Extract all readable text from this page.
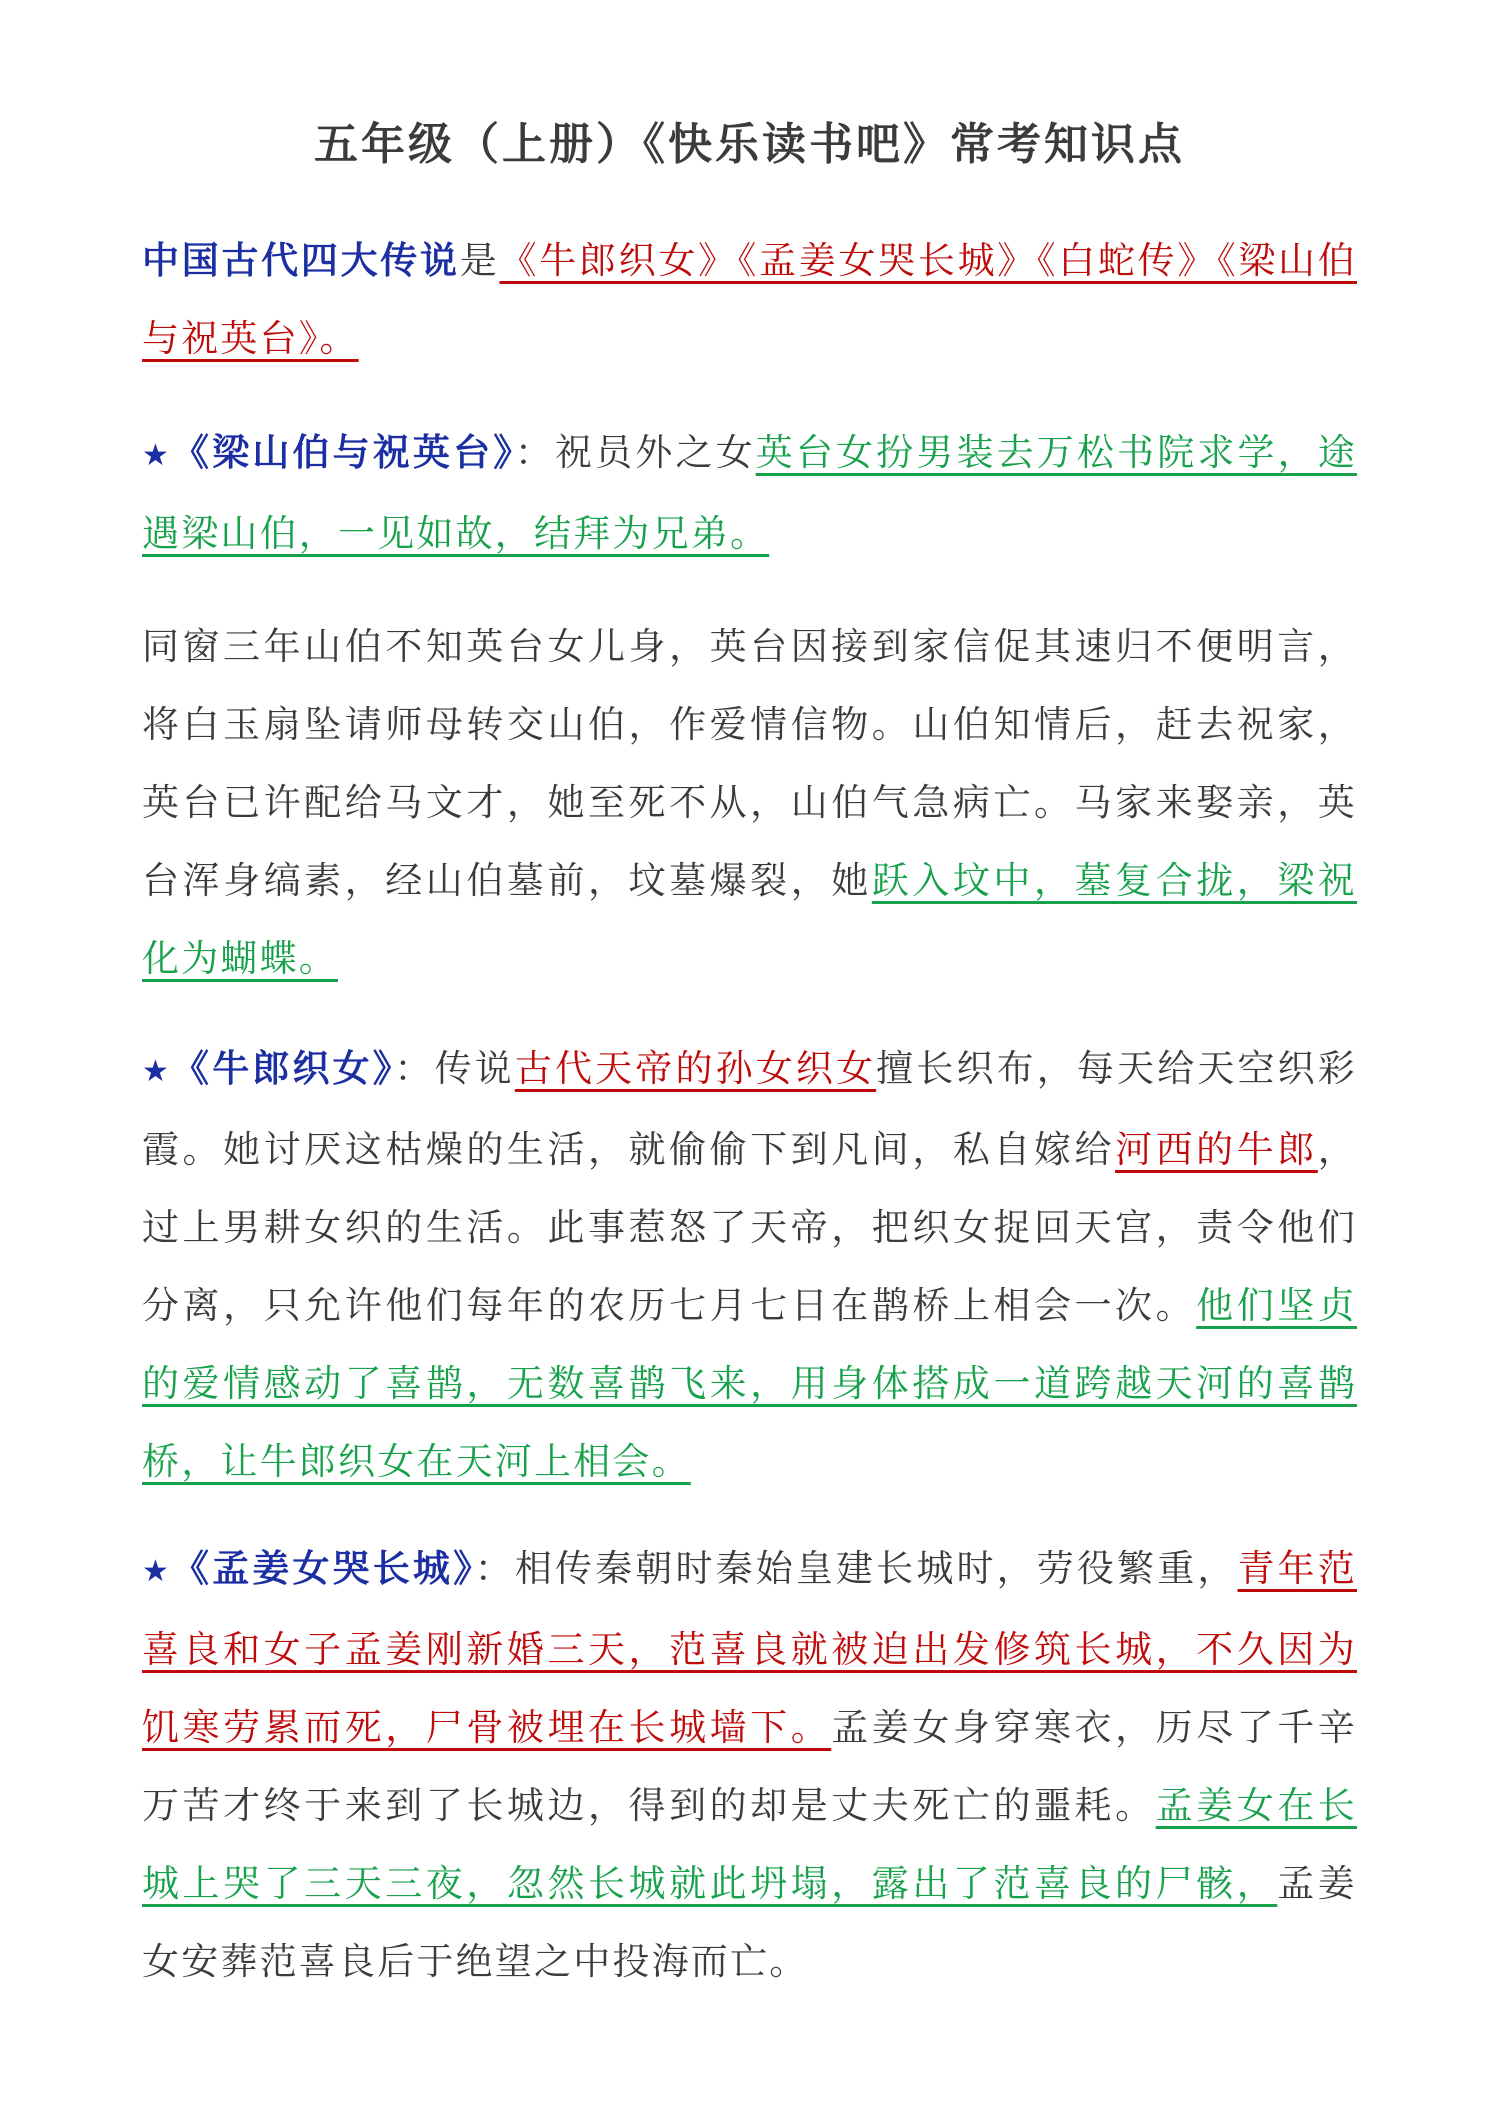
五年级（上册）《快乐读书吧》常考知识点
中国古代四大传说是《牛郎织女》《孟姜女哭长城》《白蛇传》《梁山伯与祝英台》。
★《梁山伯与祝英台》：祝员外之女英台女扮男装去万松书院求学，途遇梁山伯，一见如故，结拜为兄弟。
同窗三年山伯不知英台女儿身，英台因接到家信促其速归不便明言，将白玉扇坠请师母转交山伯，作爱情信物。山伯知情后，赶去祝家，英台已许配给马文才，她至死不从，山伯气急病亡。马家来娶亲，英台浑身缟素，经山伯墓前，坟墓爆裂，她跃入坟中，墓复合拢，梁祝化为蝴蝶。
★《牛郎织女》：传说古代天帝的孙女织女擅长织布，每天给天空织彩霞。她讨厌这枯燥的生活，就偷偷下到凡间，私自嫁给河西的牛郎，过上男耕女织的生活。此事惹怒了天帝，把织女捉回天宫，责令他们分离，只允许他们每年的农历七月七日在鹊桥上相会一次。他们坚贞的爱情感动了喜鹊，无数喜鹊飞来，用身体搭成一道跨越天河的喜鹊桥，让牛郎织女在天河上相会。
★《孟姜女哭长城》：相传秦朝时秦始皇建长城时，劳役繁重，青年范喜良和女子孟姜刚新婚三天，范喜良就被迫出发修筑长城，不久因为饥寒劳累而死，尸骨被埋在长城墙下。孟姜女身穿寒衣，历尽了千辛万苦才终于来到了长城边，得到的却是丈夫死亡的噩耗。孟姜女在长城上哭了三天三夜，忽然长城就此坍塌，露出了范喜良的尸骸，孟姜女安葬范喜良后于绝望之中投海而亡。
